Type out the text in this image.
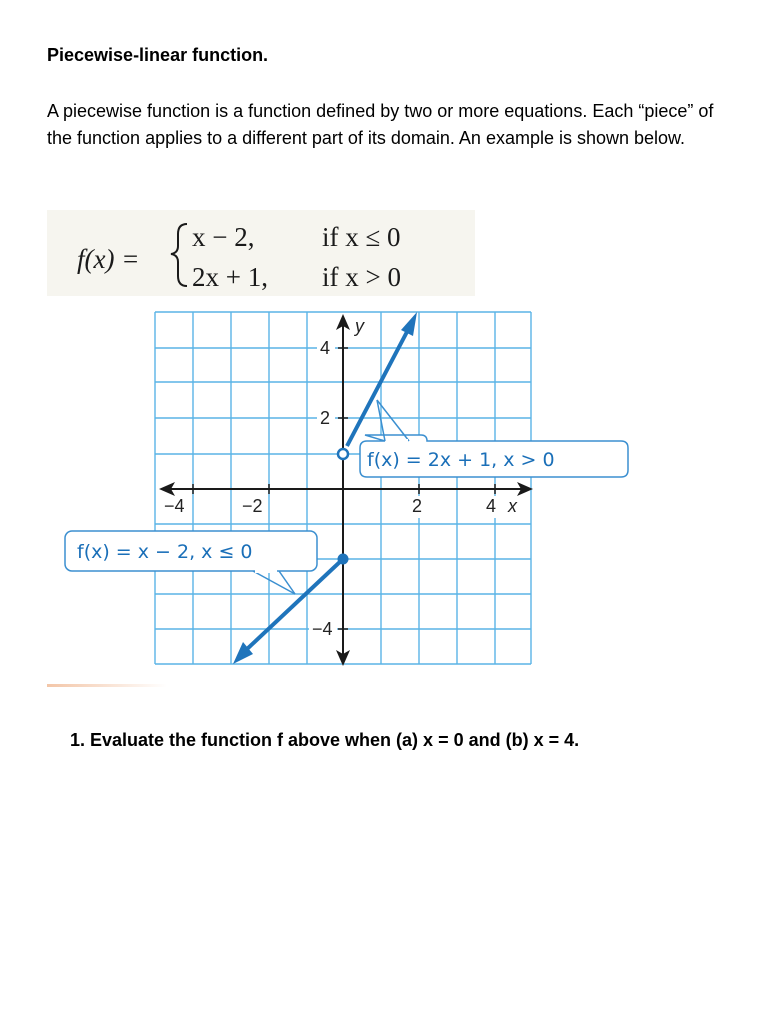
Piecewise-linear function.

A piecewise function is a function defined by two or more equations. Each “piece” of the function applies to a different part of its domain. An example is shown below.

f(x) =
x − 2,	if x ≤ 0
2x + 1, if x > 0
−4	−2	2	4 x
4
2
−4
y
f(x) = 2x + 1, x > 0
f(x) = x − 2, x ≤ 0

1. Evaluate the function f above when (a) x = 0 and (b) x = 4.
